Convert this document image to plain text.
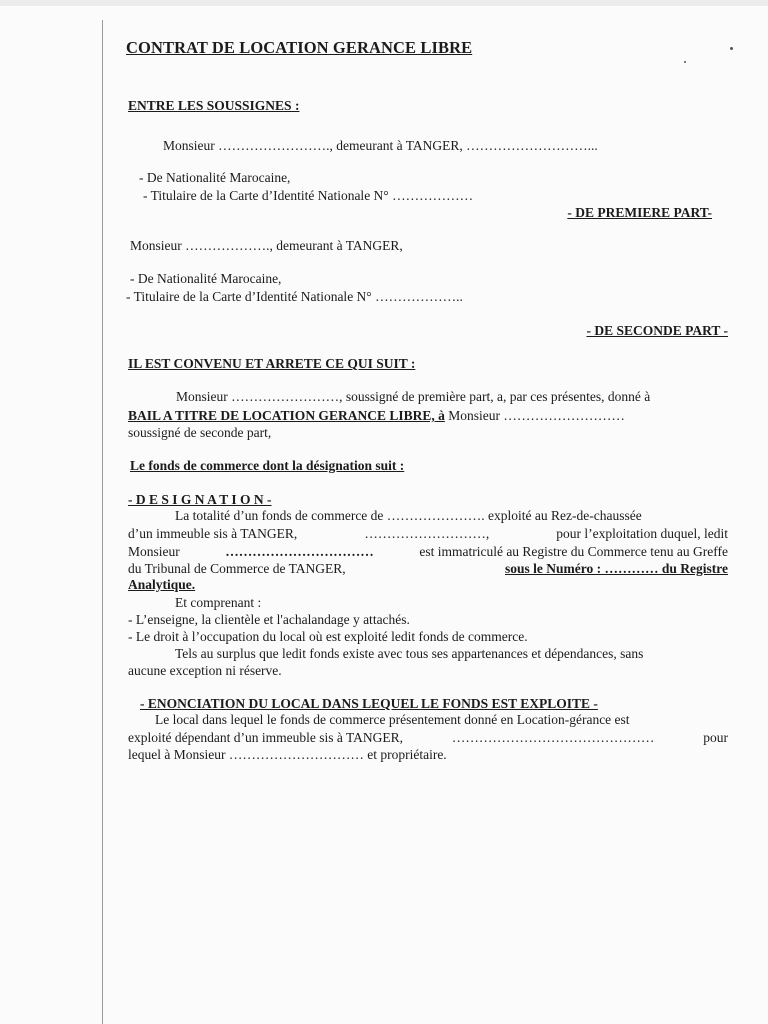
CONTRAT DE LOCATION GERANCE LIBRE
ENTRE LES SOUSSIGNES :
Monsieur ……………………., demeurant à TANGER, ………………………...
- De Nationalité Marocaine,
- Titulaire de la Carte d’Identité Nationale N° ………………
- DE PREMIERE PART-
Monsieur ………………., demeurant à TANGER,
- De Nationalité Marocaine,
- Titulaire de la Carte d’Identité Nationale N° ………………..
- DE SECONDE PART -
IL EST CONVENU ET ARRETE CE QUI SUIT :
Monsieur ……………………, soussigné de première part, a, par ces présentes, donné à
BAIL A TITRE DE LOCATION GERANCE LIBRE, à Monsieur ………………………
soussigné de seconde part,
Le fonds de commerce dont la désignation suit :
- D E S I G N A T I O N -
La totalité d’un fonds de commerce de …………………. exploité au Rez-de-chaussée
d’un immeuble sis à TANGER,	………………………,	pour l’exploitation duquel, ledit
Monsieur	……………………………	est immatriculé au Registre du Commerce tenu au Greffe
du Tribunal de Commerce de TANGER,	sous le Numéro : ………… du Registre
Analytique.
Et comprenant :
- L’enseigne, la clientèle et l'achalandage y attachés.
- Le droit à l’occupation du local où est exploité ledit fonds de commerce.
Tels au surplus que ledit fonds existe avec tous ses appartenances et dépendances, sans
aucune exception ni réserve.
- ENONCIATION DU LOCAL DANS LEQUEL LE FONDS EST EXPLOITE -
Le local dans lequel le fonds de commerce présentement donné en Location-gérance est
exploité dépendant d’un immeuble sis à TANGER,	………………………………………	pour
lequel à Monsieur ………………………… et propriétaire.
